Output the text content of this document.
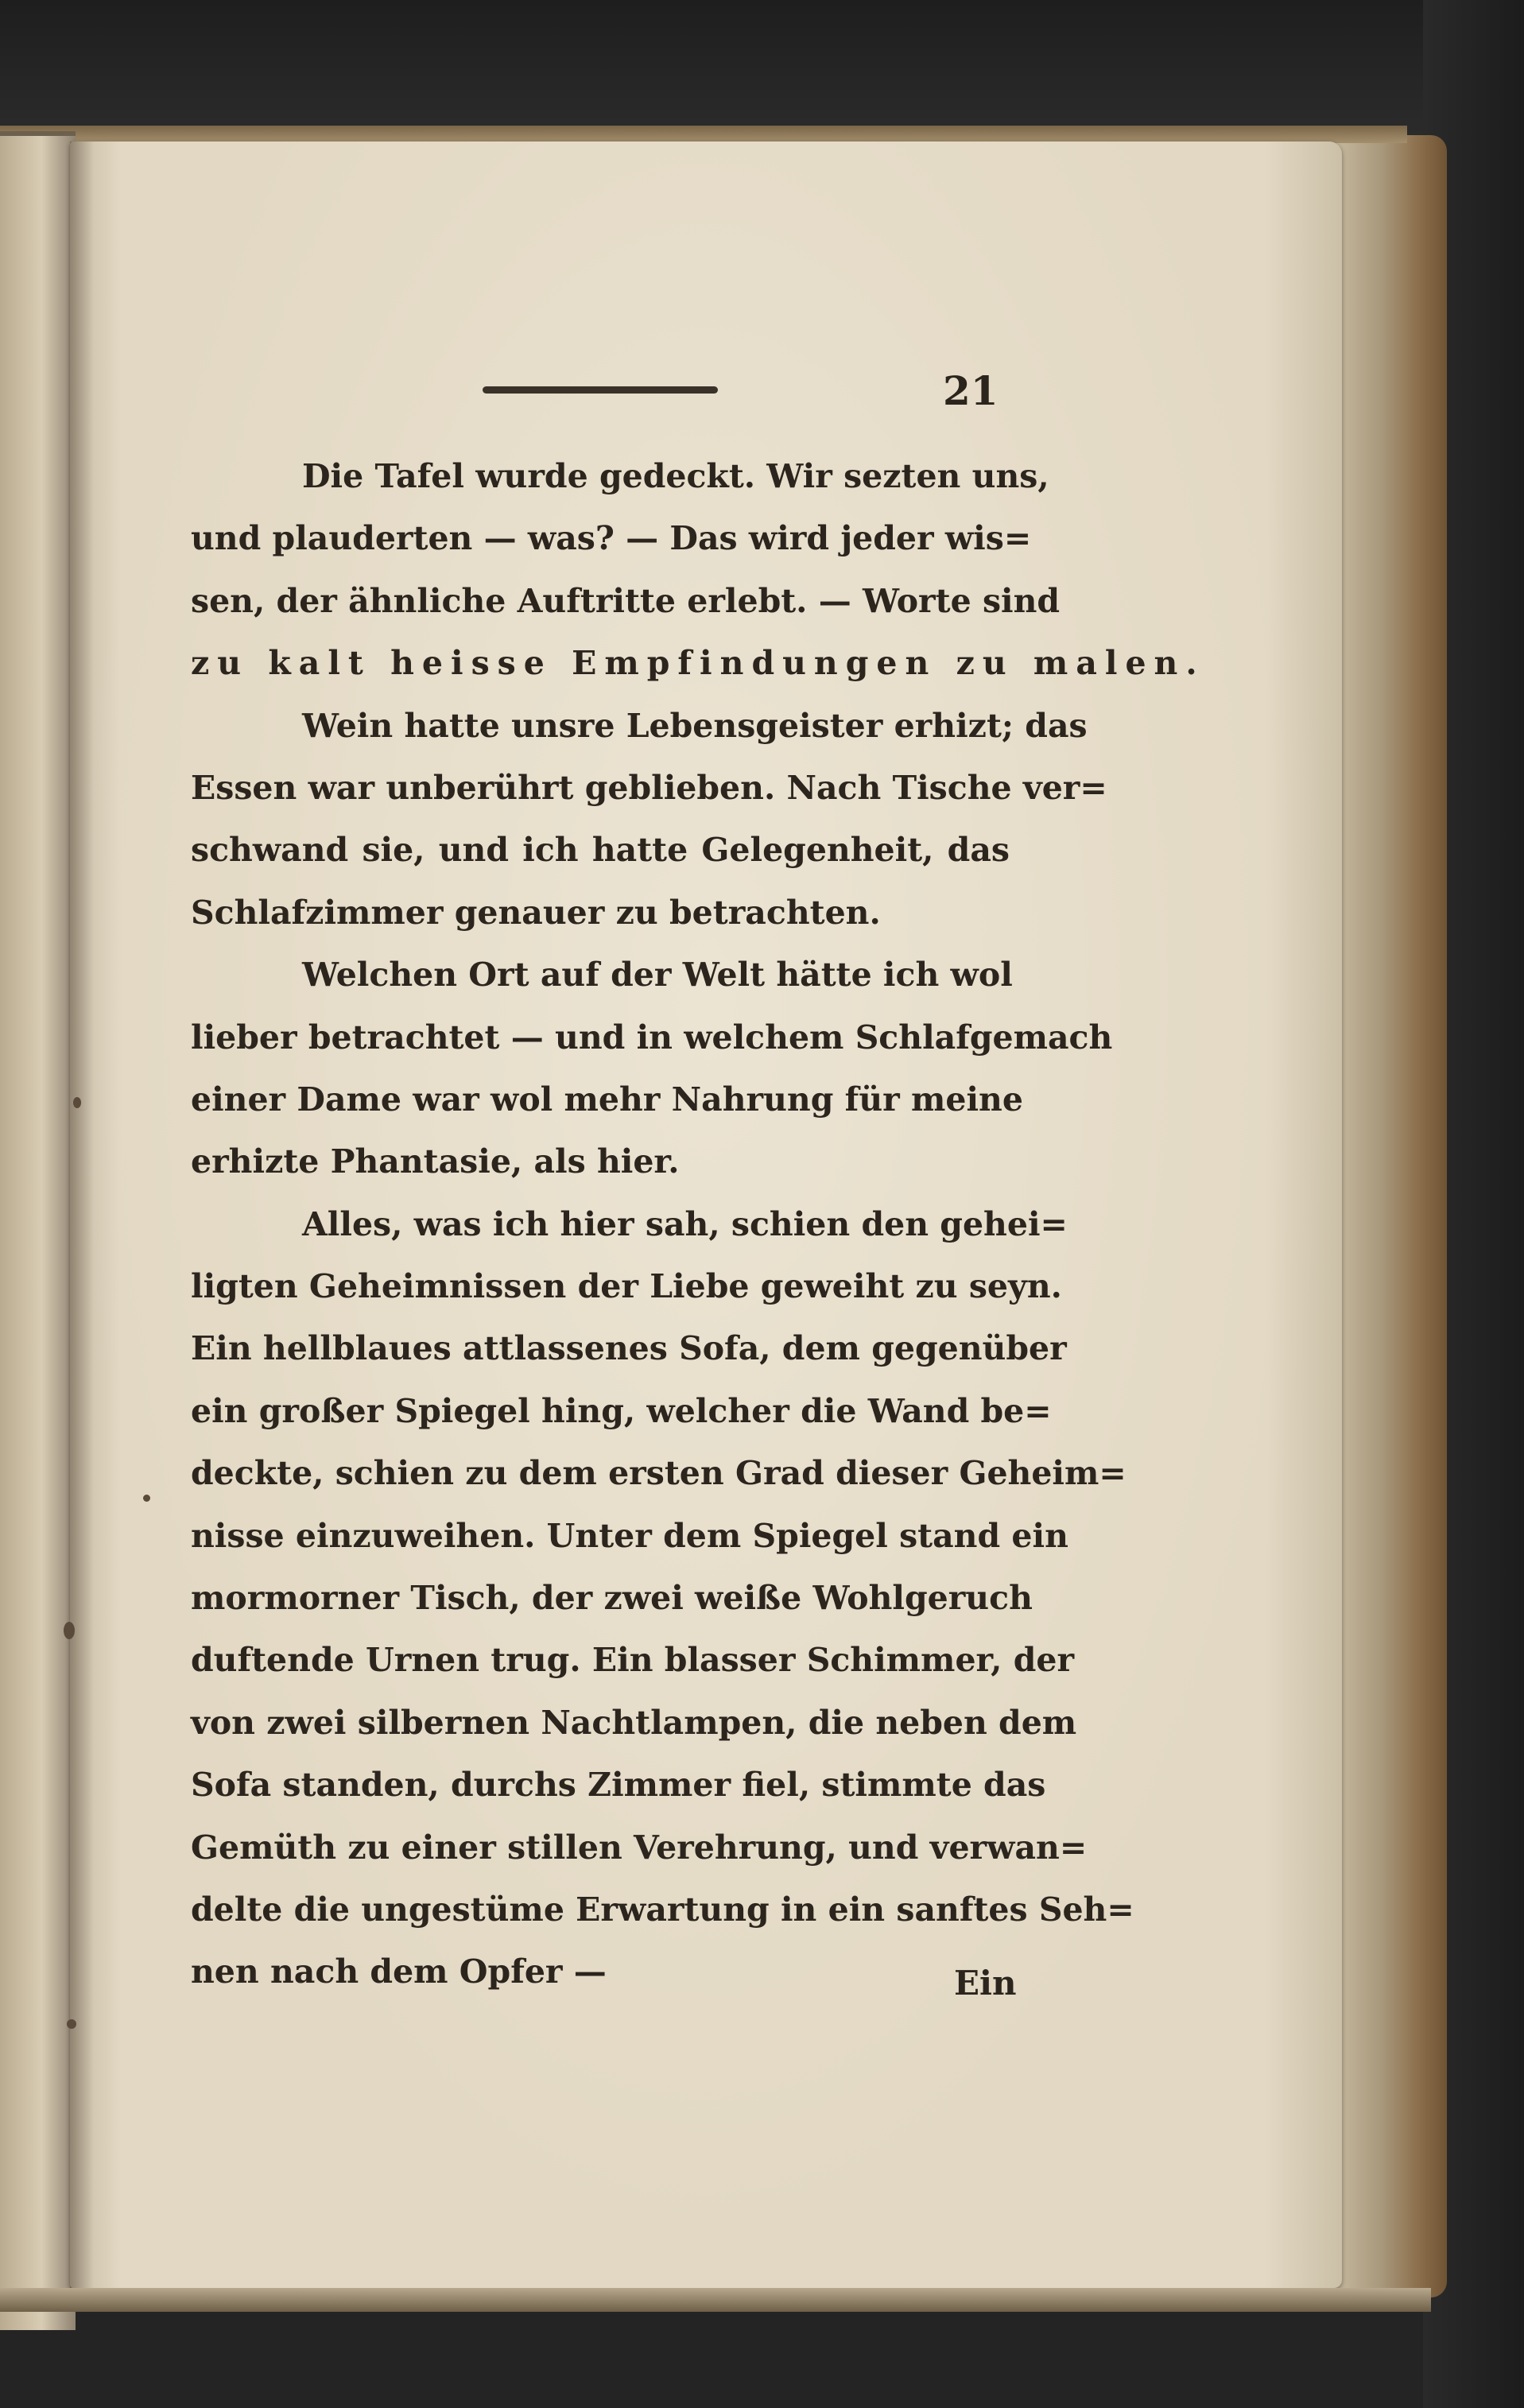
21
Die Tafel wurde gedeckt. Wir sezten uns,
und plauderten — was? — Das wird jeder wis=
sen, der ähnliche Auftritte erlebt. — Worte sind
zu kalt heisse Empfindungen zu malen.
Wein hatte unsre Lebensgeister erhizt; das
Essen war unberührt geblieben. Nach Tische ver=
schwand sie, und ich hatte Gelegenheit, das
Schlafzimmer genauer zu betrachten.
Welchen Ort auf der Welt hätte ich wol
lieber betrachtet — und in welchem Schlafgemach
einer Dame war wol mehr Nahrung für meine
erhizte Phantasie, als hier.
Alles, was ich hier sah, schien den gehei=
ligten Geheimnissen der Liebe geweiht zu seyn.
Ein hellblaues attlassenes Sofa, dem gegenüber
ein großer Spiegel hing, welcher die Wand be=
deckte, schien zu dem ersten Grad dieser Geheim=
nisse einzuweihen. Unter dem Spiegel stand ein
mormorner Tisch, der zwei weiße Wohlgeruch
duftende Urnen trug. Ein blasser Schimmer, der
von zwei silbernen Nachtlampen, die neben dem
Sofa standen, durchs Zimmer fiel, stimmte das
Gemüth zu einer stillen Verehrung, und verwan=
delte die ungestüme Erwartung in ein sanftes Seh=
nen nach dem Opfer —	Ein
